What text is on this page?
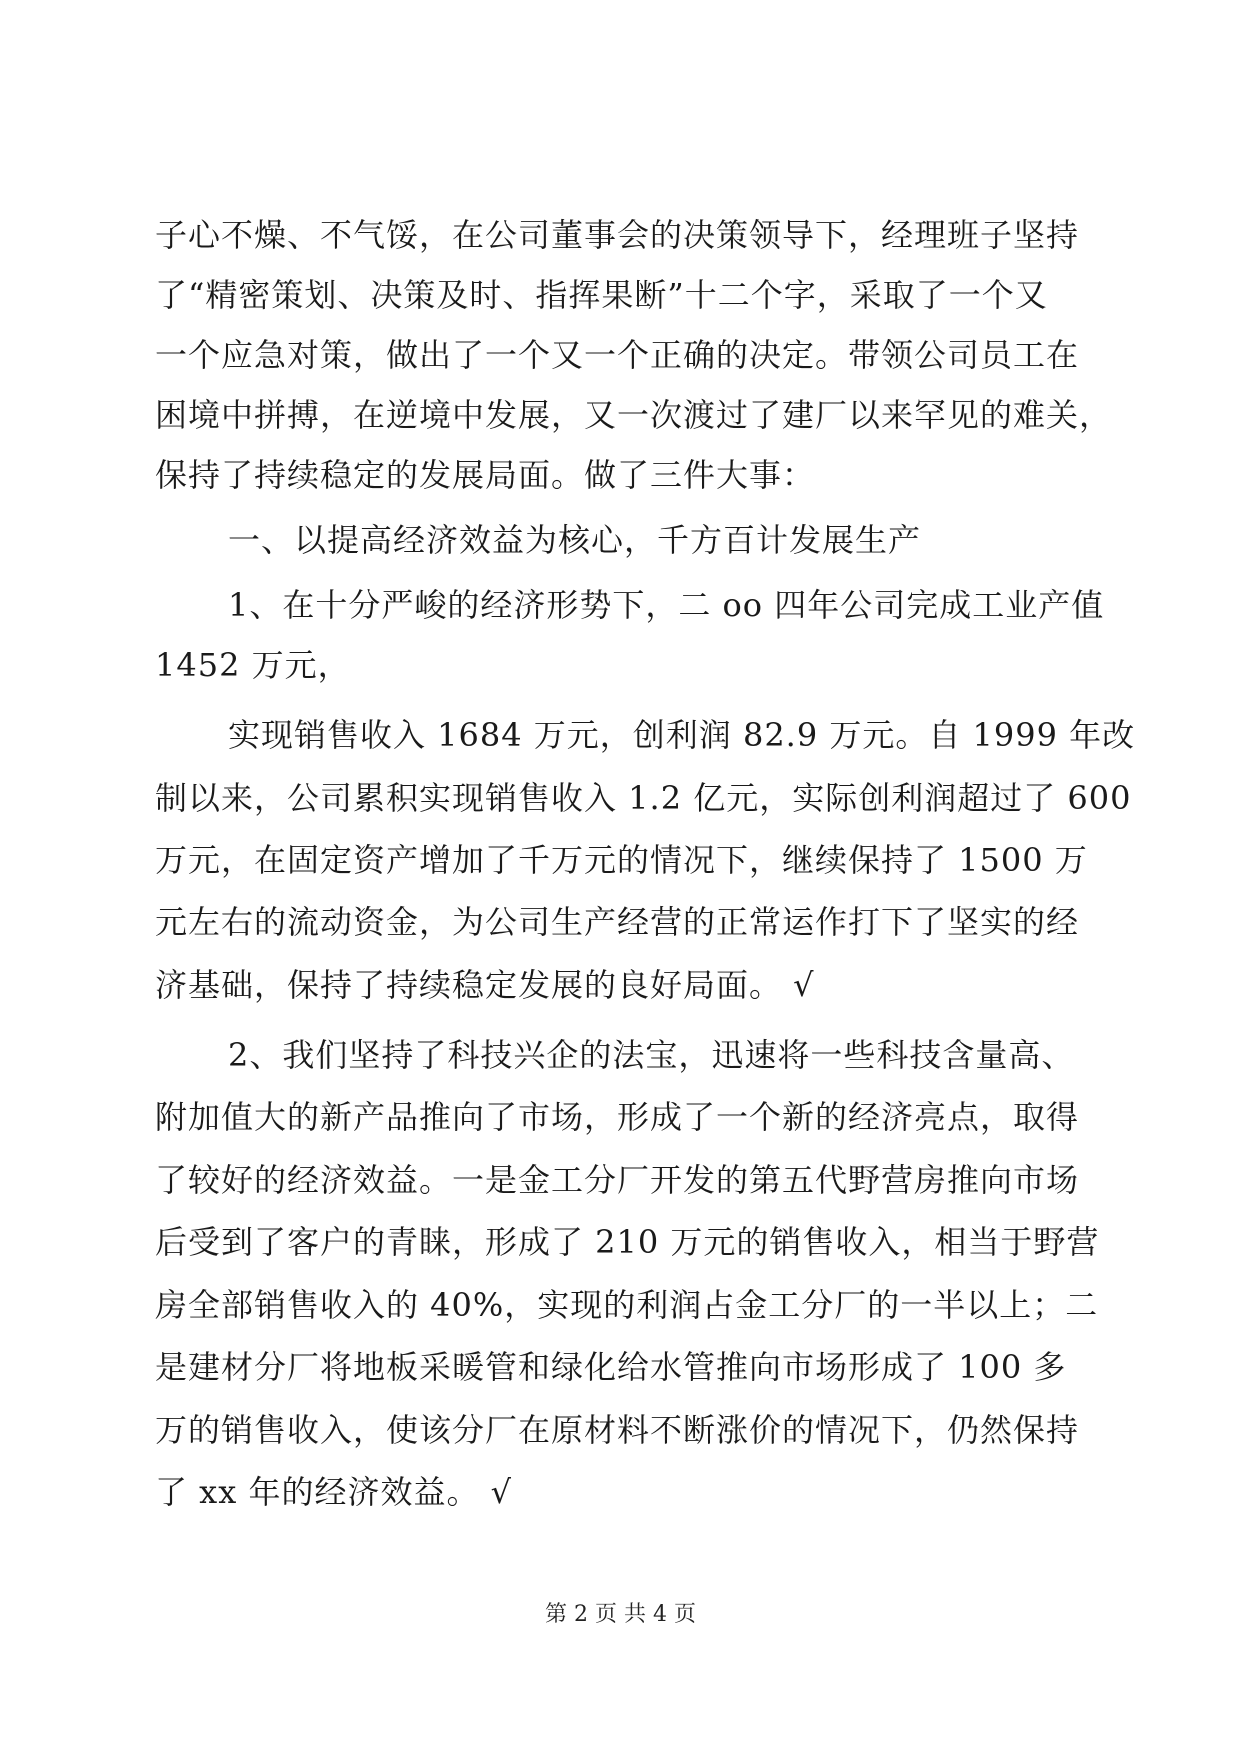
子心不燥、不气馁，在公司董事会的决策领导下，经理班子坚持
了“精密策划、决策及时、指挥果断”十二个字，采取了一个又
一个应急对策，做出了一个又一个正确的决定。带领公司员工在
困境中拼搏，在逆境中发展，又一次渡过了建厂以来罕见的难关，
保持了持续稳定的发展局面。做了三件大事：
一、以提高经济效益为核心，千方百计发展生产
1、在十分严峻的经济形势下，二 oo 四年公司完成工业产值
1452 万元，
实现销售收入 1684 万元，创利润 82.9 万元。自 1999 年改
制以来，公司累积实现销售收入 1.2 亿元，实际创利润超过了 600
万元，在固定资产增加了千万元的情况下，继续保持了 1500 万
元左右的流动资金，为公司生产经营的正常运作打下了坚实的经
济基础，保持了持续稳定发展的良好局面。 √
2、我们坚持了科技兴企的法宝，迅速将一些科技含量高、
附加值大的新产品推向了市场，形成了一个新的经济亮点，取得
了较好的经济效益。一是金工分厂开发的第五代野营房推向市场
后受到了客户的青睐，形成了 210 万元的销售收入，相当于野营
房全部销售收入的 40%，实现的利润占金工分厂的一半以上；二
是建材分厂将地板采暖管和绿化给水管推向市场形成了 100 多
万的销售收入，使该分厂在原材料不断涨价的情况下，仍然保持
了 xx 年的经济效益。 √
第 2 页 共 4 页
